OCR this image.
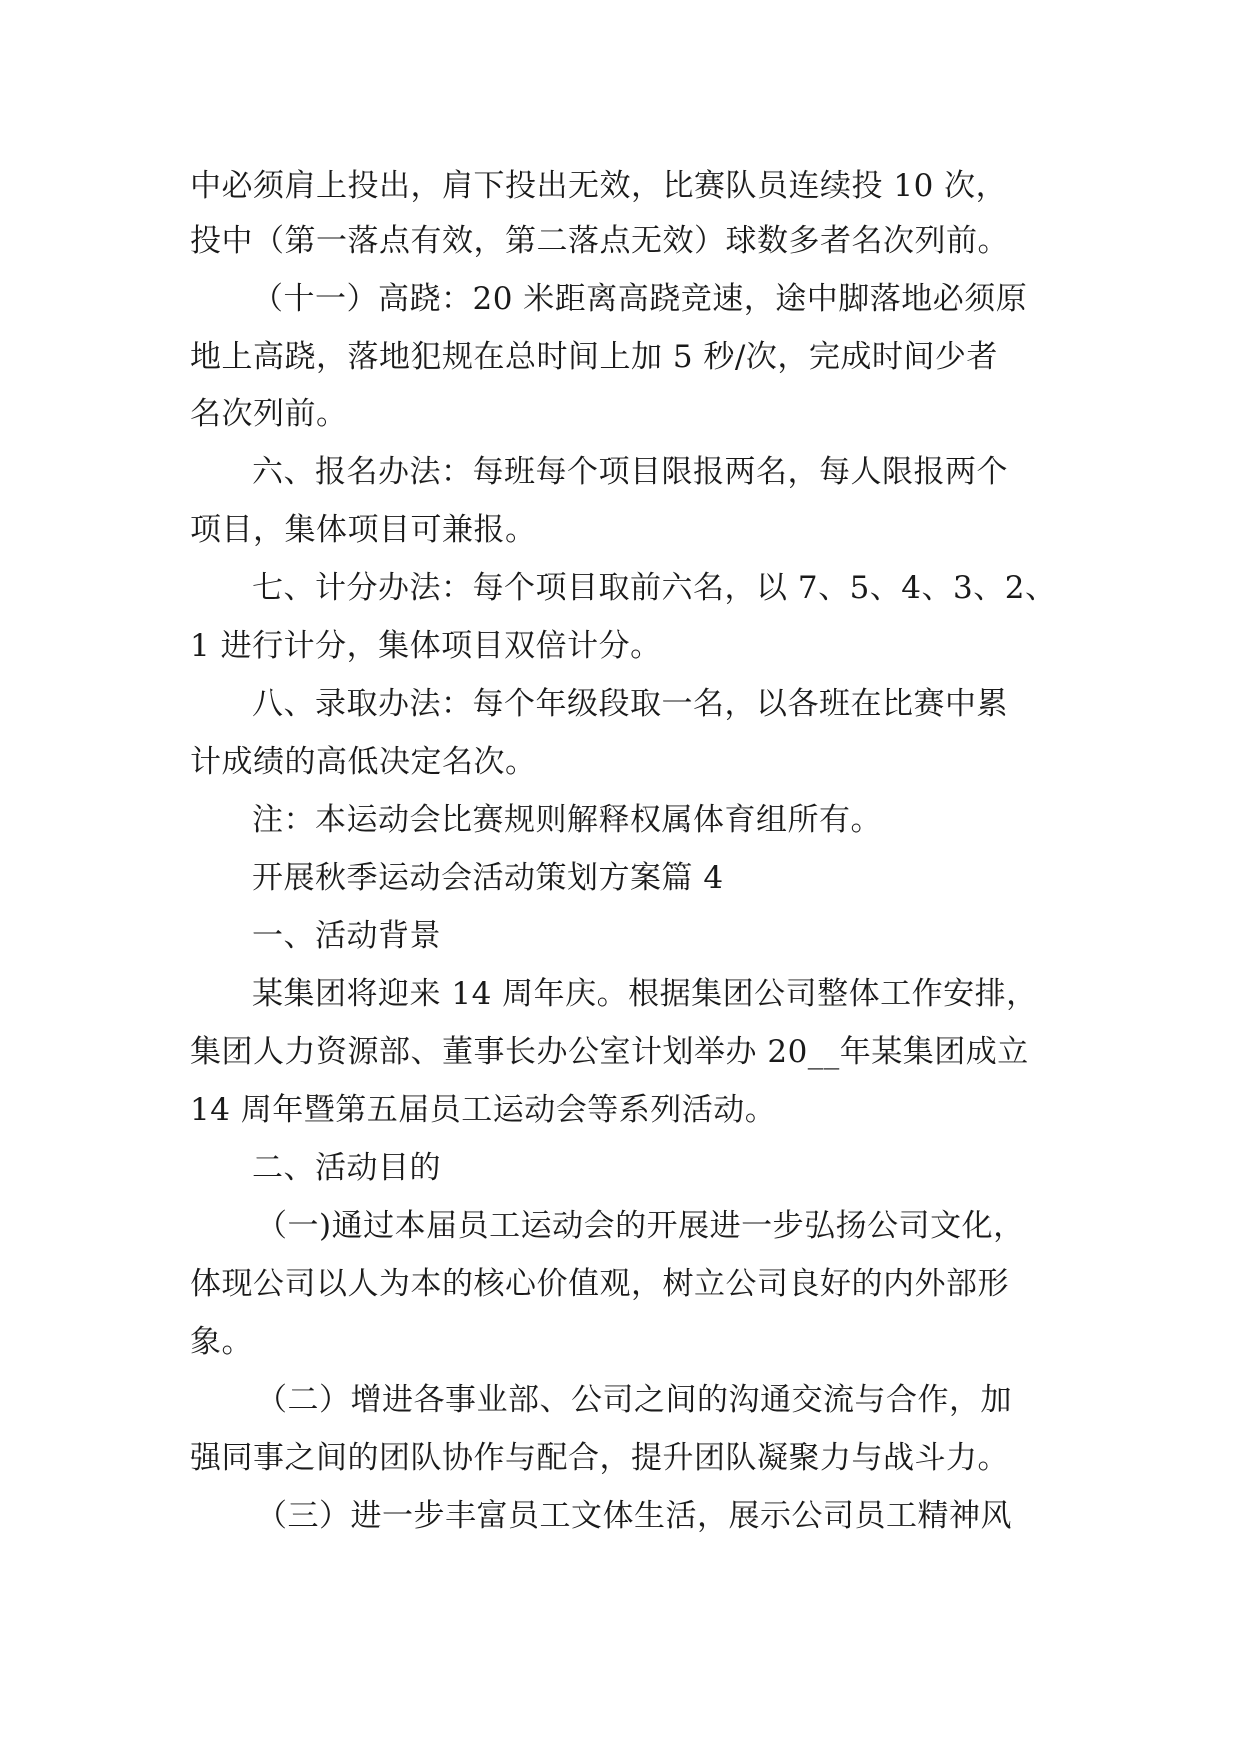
中必须肩上投出，肩下投出无效，比赛队员连续投 10 次，
投中（第一落点有效，第二落点无效）球数多者名次列前。
（十一）高跷：20 米距离高跷竞速，途中脚落地必须原
地上高跷，落地犯规在总时间上加 5 秒/次，完成时间少者
名次列前。
六、报名办法：每班每个项目限报两名，每人限报两个
项目，集体项目可兼报。
七、计分办法：每个项目取前六名，以 7、5、4、3、2、
1 进行计分，集体项目双倍计分。
八、录取办法：每个年级段取一名，以各班在比赛中累
计成绩的高低决定名次。
注：本运动会比赛规则解释权属体育组所有。
开展秋季运动会活动策划方案篇 4
一、活动背景
某集团将迎来 14 周年庆。根据集团公司整体工作安排，
集团人力资源部、董事长办公室计划举办 20__年某集团成立
14 周年暨第五届员工运动会等系列活动。
二、活动目的
（一)通过本届员工运动会的开展进一步弘扬公司文化，
体现公司以人为本的核心价值观，树立公司良好的内外部形
象。
（二）增进各事业部、公司之间的沟通交流与合作，加
强同事之间的团队协作与配合，提升团队凝聚力与战斗力。
（三）进一步丰富员工文体生活，展示公司员工精神风
